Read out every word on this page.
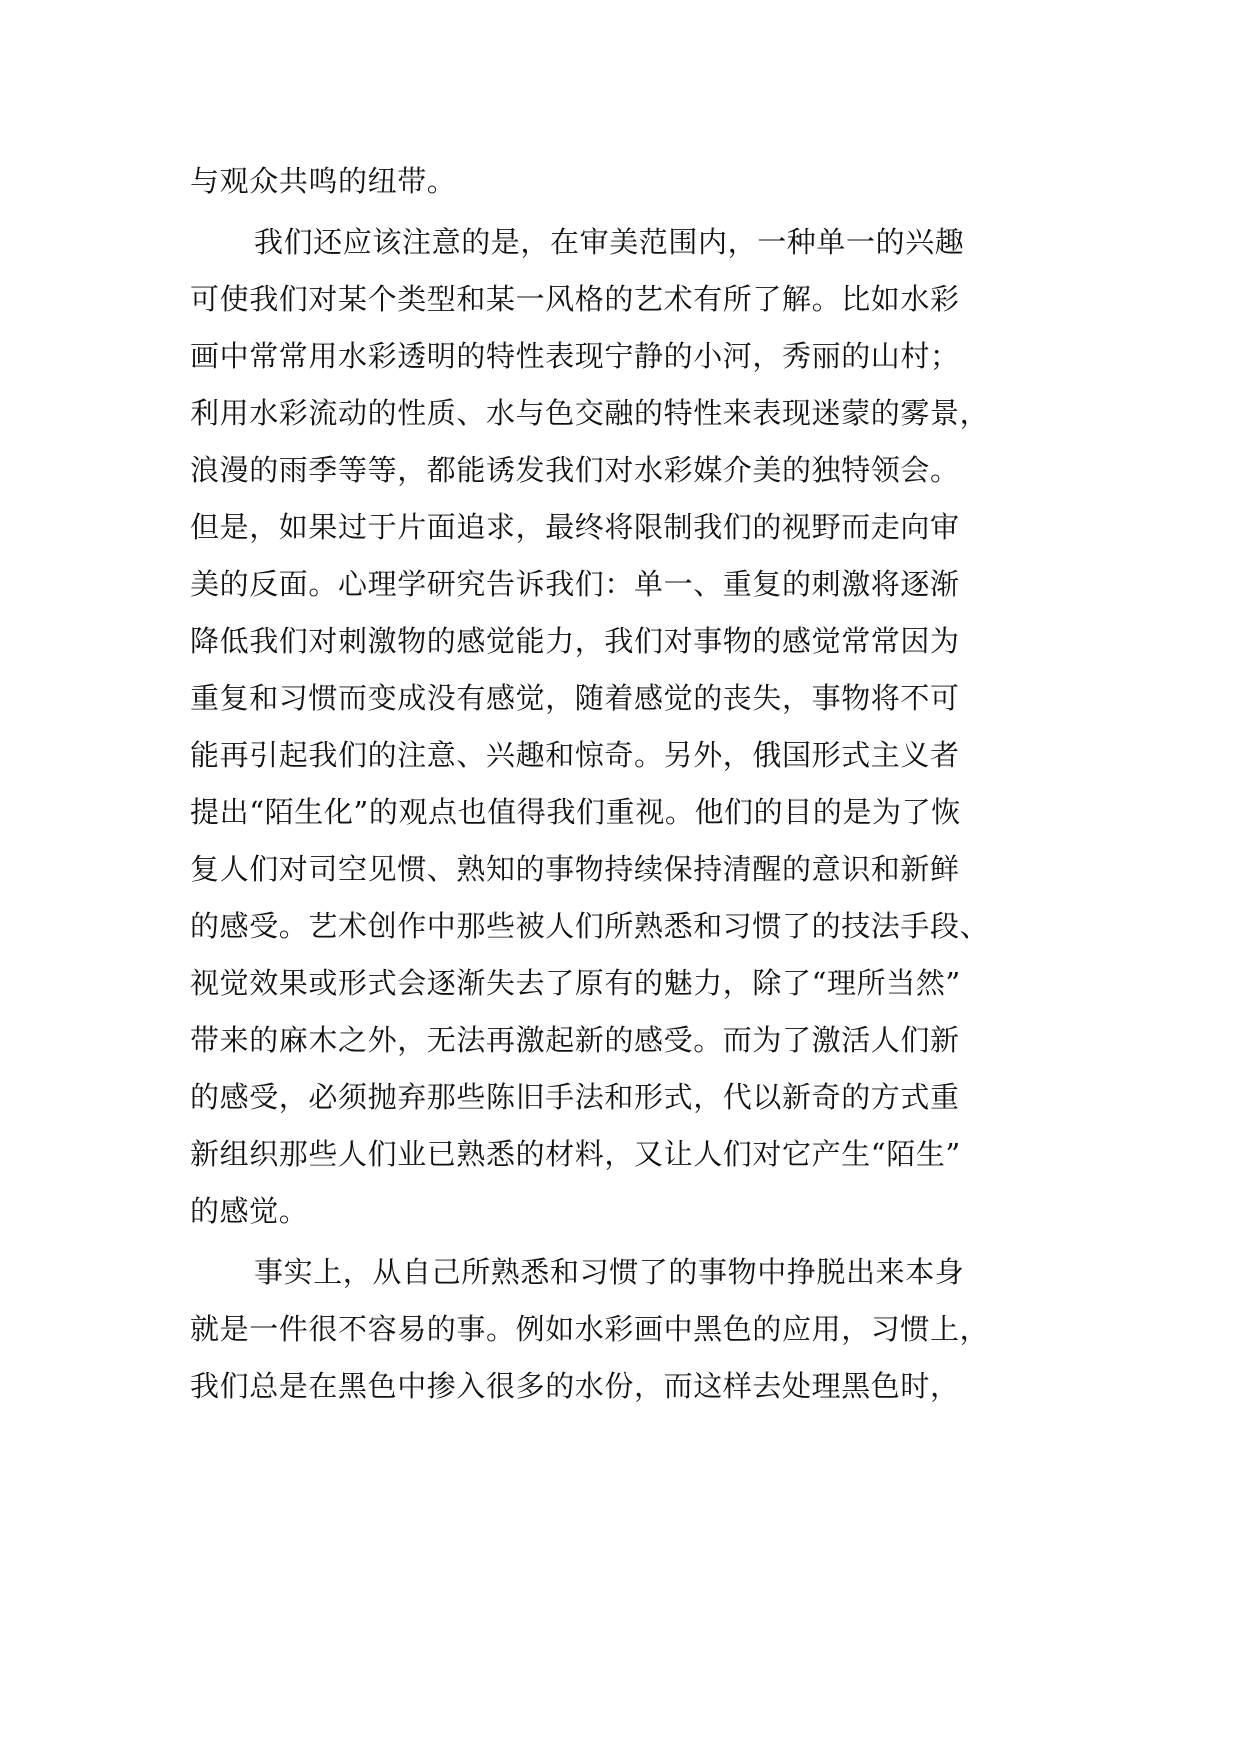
与观众共鸣的纽带。
我们还应该注意的是，在审美范围内，一种单一的兴趣
可使我们对某个类型和某一风格的艺术有所了解。比如水彩
画中常常用水彩透明的特性表现宁静的小河，秀丽的山村；
利用水彩流动的性质、水与色交融的特性来表现迷蒙的雾景，
浪漫的雨季等等，都能诱发我们对水彩媒介美的独特领会。
但是，如果过于片面追求，最终将限制我们的视野而走向审
美的反面。心理学研究告诉我们：单一、重复的刺激将逐渐
降低我们对刺激物的感觉能力，我们对事物的感觉常常因为
重复和习惯而变成没有感觉，随着感觉的丧失，事物将不可
能再引起我们的注意、兴趣和惊奇。另外，俄国形式主义者
提出“陌生化”的观点也值得我们重视。他们的目的是为了恢
复人们对司空见惯、熟知的事物持续保持清醒的意识和新鲜
的感受。艺术创作中那些被人们所熟悉和习惯了的技法手段、
视觉效果或形式会逐渐失去了原有的魅力，除了“理所当然”
带来的麻木之外，无法再激起新的感受。而为了激活人们新
的感受，必须抛弃那些陈旧手法和形式，代以新奇的方式重
新组织那些人们业已熟悉的材料，又让人们对它产生“陌生”
的感觉。
事实上，从自己所熟悉和习惯了的事物中挣脱出来本身
就是一件很不容易的事。例如水彩画中黑色的应用，习惯上，
我们总是在黑色中掺入很多的水份，而这样去处理黑色时，
